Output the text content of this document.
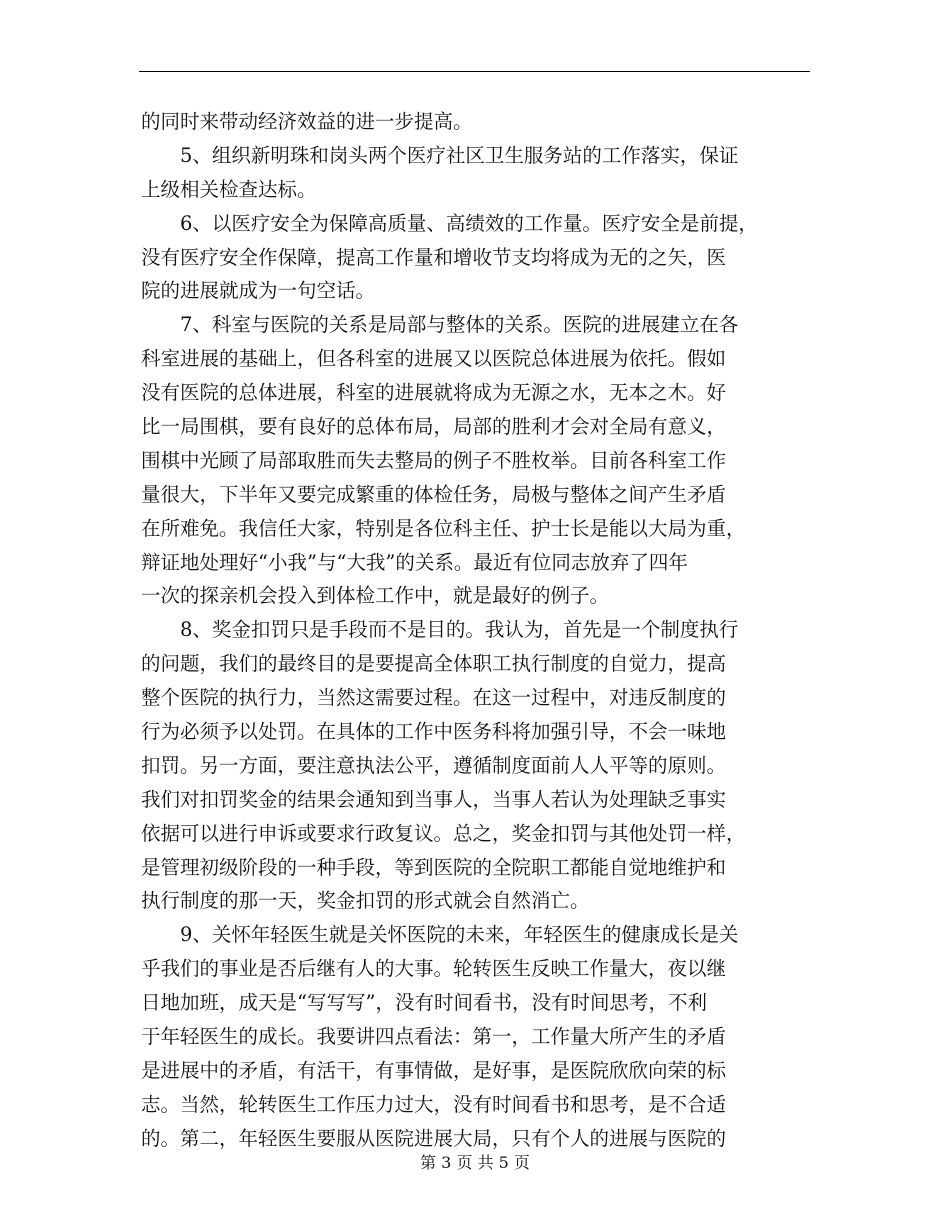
的同时来带动经济效益的进一步提高。
5、组织新明珠和岗头两个医疗社区卫生服务站的工作落实，保证
上级相关检查达标。
6、以医疗安全为保障高质量、高绩效的工作量。医疗安全是前提，
没有医疗安全作保障，提高工作量和增收节支均将成为无的之矢，医
院的进展就成为一句空话。
7、科室与医院的关系是局部与整体的关系。医院的进展建立在各
科室进展的基础上，但各科室的进展又以医院总体进展为依托。假如
没有医院的总体进展，科室的进展就将成为无源之水，无本之木。好
比一局围棋，要有良好的总体布局，局部的胜利才会对全局有意义，
围棋中光顾了局部取胜而失去整局的例子不胜枚举。目前各科室工作
量很大，下半年又要完成繁重的体检任务，局极与整体之间产生矛盾
在所难免。我信任大家，特别是各位科主任、护士长是能以大局为重，
辩证地处理好“小我”与“大我”的关系。最近有位同志放弃了四年
一次的探亲机会投入到体检工作中，就是最好的例子。
8、奖金扣罚只是手段而不是目的。我认为，首先是一个制度执行
的问题，我们的最终目的是要提高全体职工执行制度的自觉力，提高
整个医院的执行力，当然这需要过程。在这一过程中，对违反制度的
行为必须予以处罚。在具体的工作中医务科将加强引导，不会一味地
扣罚。另一方面，要注意执法公平，遵循制度面前人人平等的原则。
我们对扣罚奖金的结果会通知到当事人，当事人若认为处理缺乏事实
依据可以进行申诉或要求行政复议。总之，奖金扣罚与其他处罚一样，
是管理初级阶段的一种手段，等到医院的全院职工都能自觉地维护和
执行制度的那一天，奖金扣罚的形式就会自然消亡。
9、关怀年轻医生就是关怀医院的未来，年轻医生的健康成长是关
乎我们的事业是否后继有人的大事。轮转医生反映工作量大，夜以继
日地加班，成天是“写写写”，没有时间看书，没有时间思考，不利
于年轻医生的成长。我要讲四点看法：第一，工作量大所产生的矛盾
是进展中的矛盾，有活干，有事情做，是好事，是医院欣欣向荣的标
志。当然，轮转医生工作压力过大，没有时间看书和思考，是不合适
的。第二，年轻医生要服从医院进展大局，只有个人的进展与医院的
第 3 页 共 5 页
